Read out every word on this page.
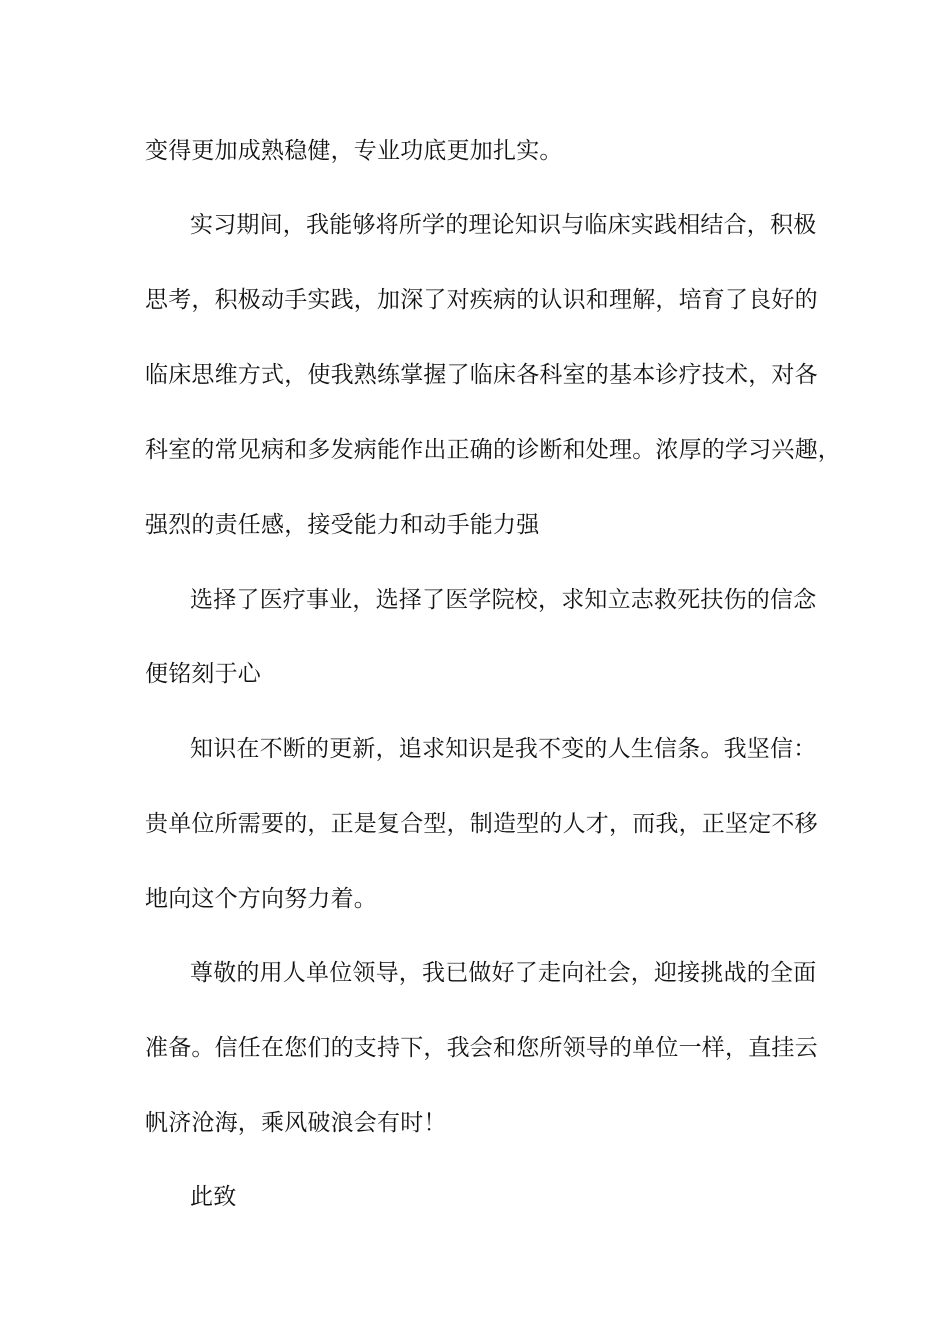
变得更加成熟稳健，专业功底更加扎实。
实习期间，我能够将所学的理论知识与临床实践相结合，积极
思考，积极动手实践，加深了对疾病的认识和理解，培育了良好的
临床思维方式，使我熟练掌握了临床各科室的基本诊疗技术，对各
科室的常见病和多发病能作出正确的诊断和处理。浓厚的学习兴趣，
强烈的责任感，接受能力和动手能力强
选择了医疗事业，选择了医学院校，求知立志救死扶伤的信念
便铭刻于心
知识在不断的更新，追求知识是我不变的人生信条。我坚信：
贵单位所需要的，正是复合型，制造型的人才，而我，正坚定不移
地向这个方向努力着。
尊敬的用人单位领导，我已做好了走向社会，迎接挑战的全面
准备。信任在您们的支持下，我会和您所领导的单位一样，直挂云
帆济沧海，乘风破浪会有时！
此致
